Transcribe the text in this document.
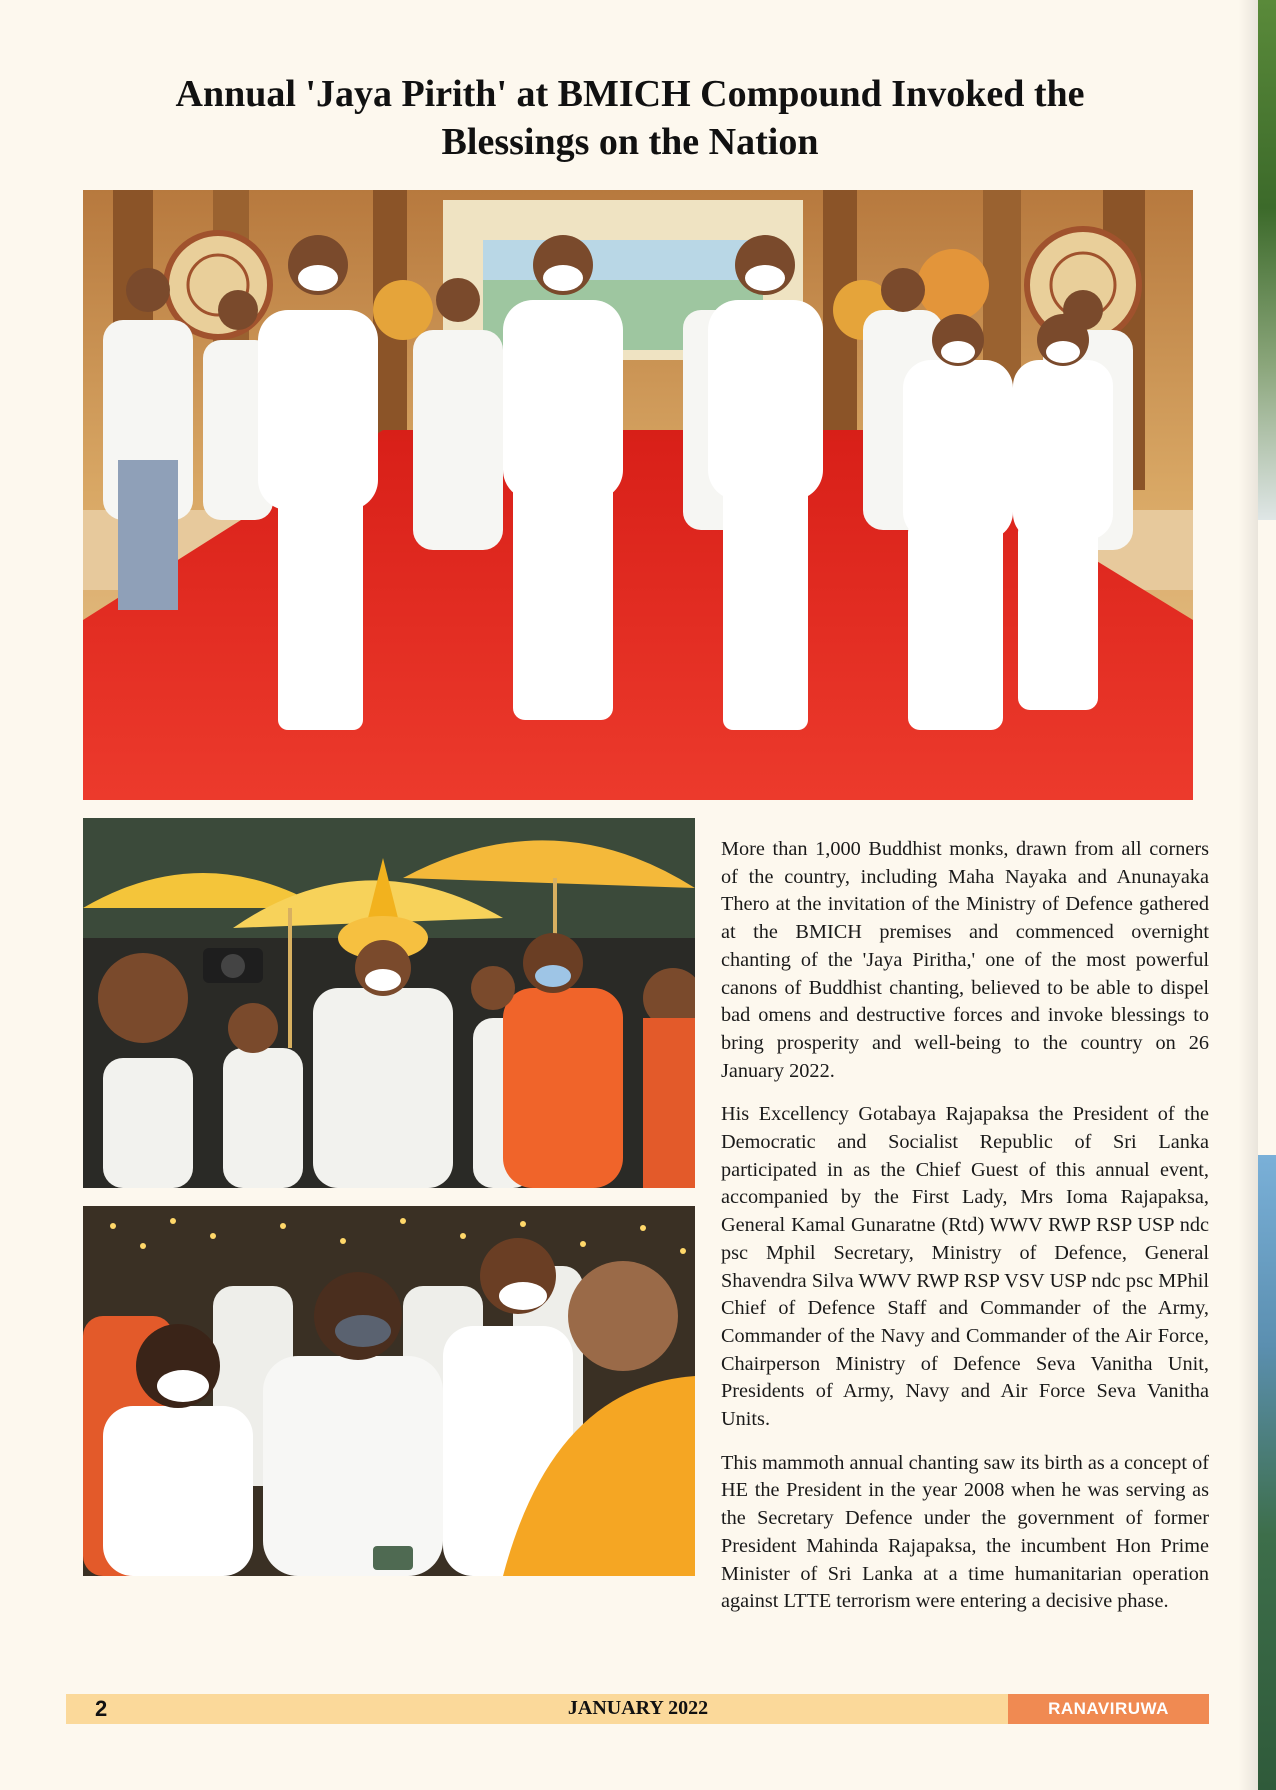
Annual 'Jaya Pirith' at BMICH Compound Invoked the
Blessings on the Nation

More than 1,000 Buddhist monks, drawn from all corners of the country, including Maha Nayaka and Anunayaka Thero at the invitation of the Ministry of Defence gathered at the BMICH premises and commenced overnight chanting of the 'Jaya Piritha,' one of the most powerful canons of Buddhist chanting, believed to be able to dispel bad omens and destructive forces and invoke blessings to bring prosperity and well-being to the country on 26 January 2022.

His Excellency Gotabaya Rajapaksa the President of the Democratic and Socialist Republic of Sri Lanka participated in as the Chief Guest of this annual event, accompanied by the First Lady, Mrs Ioma Rajapaksa, General Kamal Gunaratne (Rtd) WWV RWP RSP USP ndc psc Mphil Secretary, Ministry of Defence, General Shavendra Silva WWV RWP RSP VSV USP ndc psc MPhil Chief of Defence Staff and Commander of the Army, Commander of the Navy and Commander of the Air Force, Chairperson Ministry of Defence Seva Vanitha Unit, Presidents of Army, Navy and Air Force Seva Vanitha Units.

This mammoth annual chanting saw its birth as a concept of HE the President in the year 2008 when he was serving as the Secretary Defence under the government of former President Mahinda Rajapaksa, the incumbent Hon Prime Minister of Sri Lanka at a time humanitarian operation against LTTE terrorism were entering a decisive phase.

2	JANUARY 2022	RANAVIRUWA
